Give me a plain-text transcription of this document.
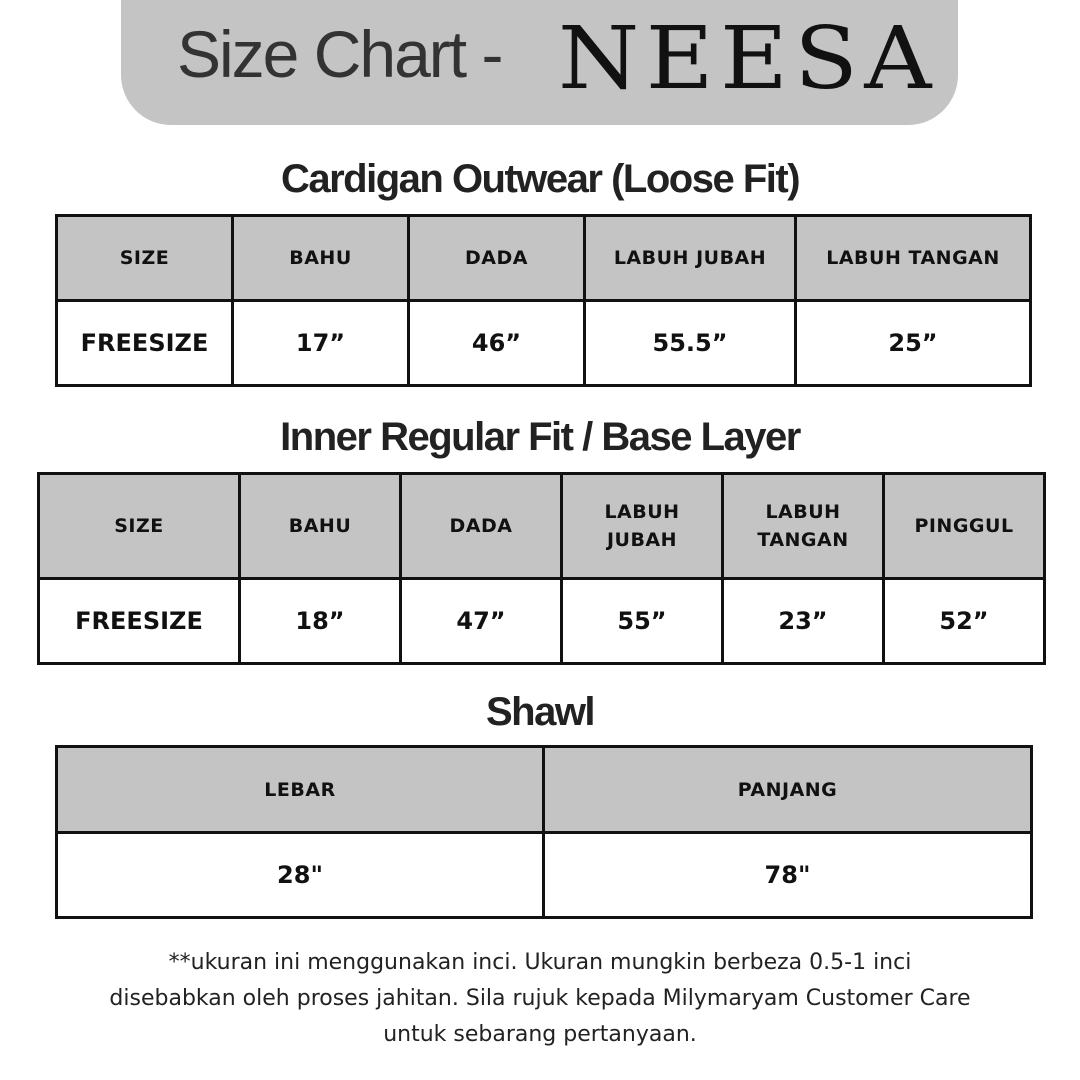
Size Chart - NEESA
Cardigan Outwear (Loose Fit)
SIZE	BAHU	DADA	LABUH JUBAH	LABUH TANGAN
FREESIZE	17”	46”	55.5”	25”
Inner Regular Fit / Base Layer
SIZE	BAHU	DADA	LABUH JUBAH	LABUH TANGAN	PINGGUL
FREESIZE	18”	47”	55”	23”	52”
Shawl
LEBAR	PANJANG
28"	78"
**ukuran ini menggunakan inci. Ukuran mungkin berbeza 0.5-1 inci
disebabkan oleh proses jahitan. Sila rujuk kepada Milymaryam Customer Care
untuk sebarang pertanyaan.
